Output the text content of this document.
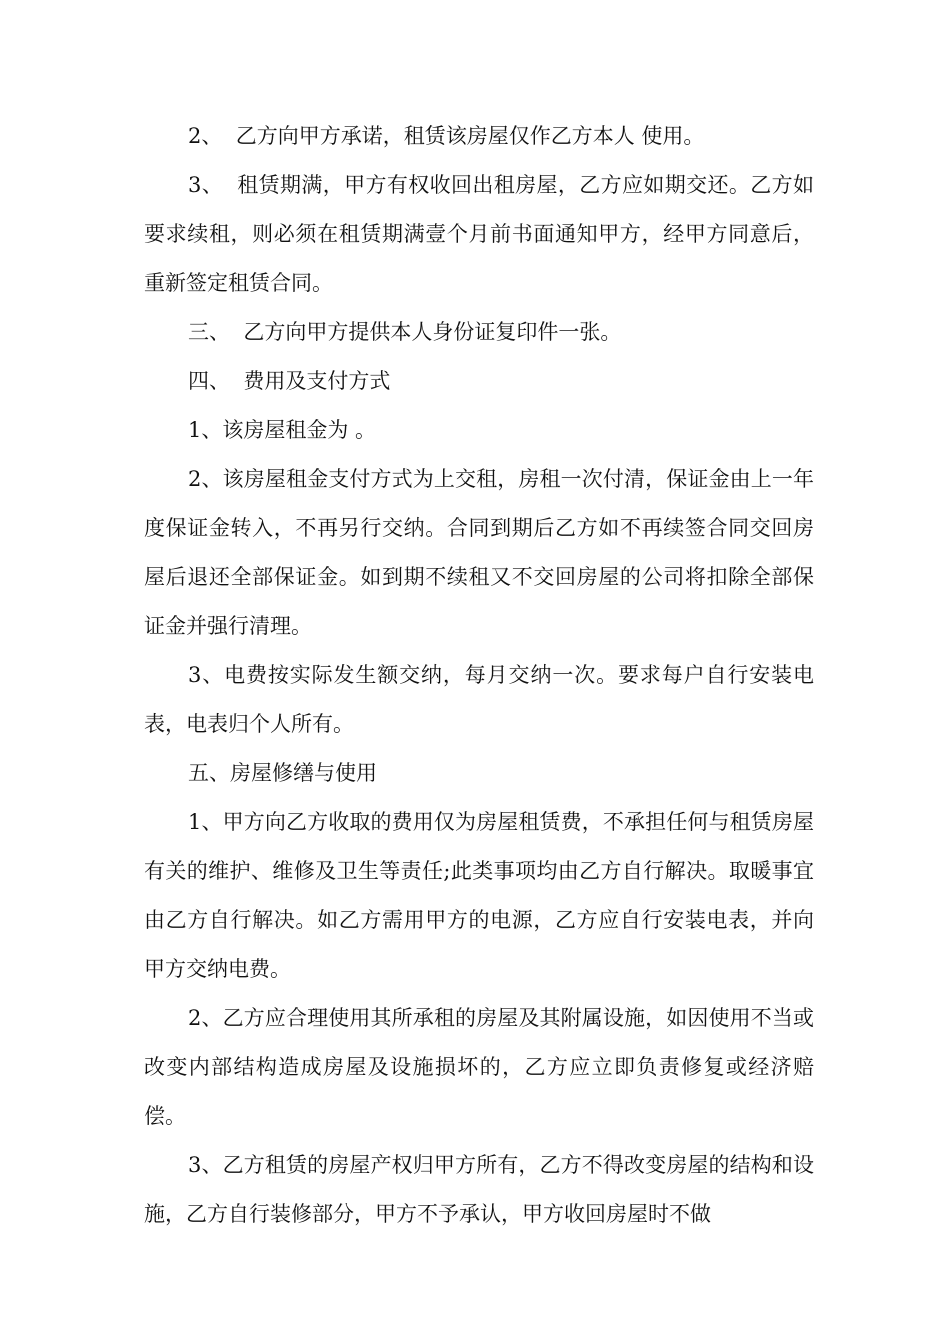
2、  乙方向甲方承诺，租赁该房屋仅作乙方本人 使用。

3、  租赁期满，甲方有权收回出租房屋，乙方应如期交还。乙方如要求续租，则必须在租赁期满壹个月前书面通知甲方，经甲方同意后，重新签定租赁合同。

三、  乙方向甲方提供本人身份证复印件一张。

四、  费用及支付方式

1、该房屋租金为 。

2、该房屋租金支付方式为上交租，房租一次付清，保证金由上一年度保证金转入，不再另行交纳。合同到期后乙方如不再续签合同交回房屋后退还全部保证金。如到期不续租又不交回房屋的公司将扣除全部保证金并强行清理。

3、电费按实际发生额交纳，每月交纳一次。要求每户自行安装电表，电表归个人所有。

五、房屋修缮与使用

1、甲方向乙方收取的费用仅为房屋租赁费，不承担任何与租赁房屋有关的维护、维修及卫生等责任;此类事项均由乙方自行解决。取暖事宜由乙方自行解决。如乙方需用甲方的电源，乙方应自行安装电表，并向甲方交纳电费。

2、乙方应合理使用其所承租的房屋及其附属设施，如因使用不当或改变内部结构造成房屋及设施损坏的，乙方应立即负责修复或经济赔偿。

3、乙方租赁的房屋产权归甲方所有，乙方不得改变房屋的结构和设施，乙方自行装修部分，甲方不予承认，甲方收回房屋时不做
